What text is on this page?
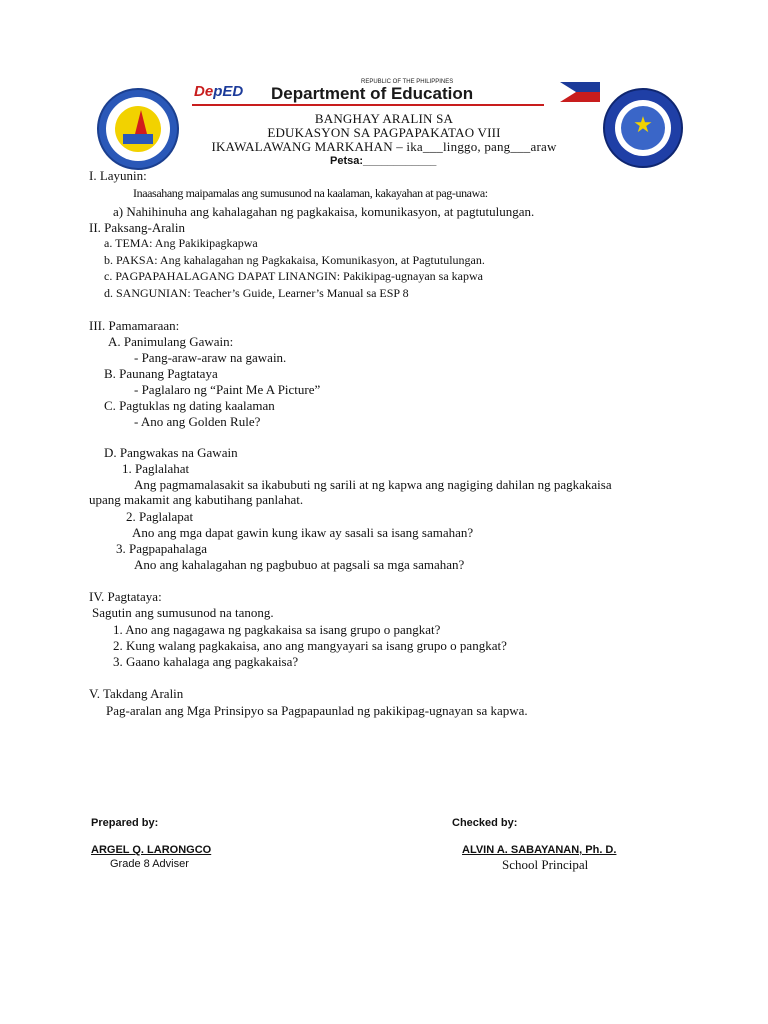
★
DepED
REPUBLIC OF THE PHILIPPINES
Department of Education
BANGHAY ARALIN SA
EDUKASYON SA PAGPAPAKATAO VIII
IKAWALAWANG MARKAHAN – ika___linggo, pang___araw
Petsa:____________
I. Layunin:
Inaasahang maipamalas ang sumusunod na kaalaman, kakayahan at pag-unawa:
a) Nahihinuha ang kahalagahan ng pagkakaisa, komunikasyon, at pagtutulungan.
II. Paksang-Aralin
a. TEMA: Ang Pakikipagkapwa
b. PAKSA: Ang kahalagahan ng Pagkakaisa, Komunikasyon, at Pagtutulungan.
c. PAGPAPAHALAGANG DAPAT LINANGIN: Pakikipag-ugnayan sa kapwa
d. SANGUNIAN: Teacher’s Guide, Learner’s Manual sa ESP 8
III. Pamamaraan:
A. Panimulang Gawain:
- Pang-araw-araw na gawain.
B. Paunang Pagtataya
- Paglalaro ng “Paint Me A Picture”
C. Pagtuklas ng dating kaalaman
- Ano ang Golden Rule?
D. Pangwakas na Gawain
1. Paglalahat
Ang pagmamalasakit sa ikabubuti ng sarili at ng kapwa ang nagiging dahilan ng pagkakaisa
upang makamit ang kabutihang panlahat.
2. Paglalapat
Ano ang mga dapat gawin kung ikaw ay sasali sa isang samahan?
3. Pagpapahalaga
Ano ang kahalagahan ng pagbubuo at pagsali sa mga samahan?
IV. Pagtataya:
Sagutin ang sumusunod na tanong.
1. Ano ang nagagawa ng pagkakaisa sa isang grupo o pangkat?
2. Kung walang pagkakaisa, ano ang mangyayari sa isang grupo o pangkat?
3. Gaano kahalaga ang pagkakaisa?
V. Takdang Aralin
Pag-aralan ang Mga Prinsipyo sa Pagpapaunlad ng pakikipag-ugnayan sa kapwa.
Prepared by:
ARGEL Q. LARONGCO
Grade 8 Adviser
Checked by:
ALVIN A. SABAYANAN, Ph. D.
School Principal
